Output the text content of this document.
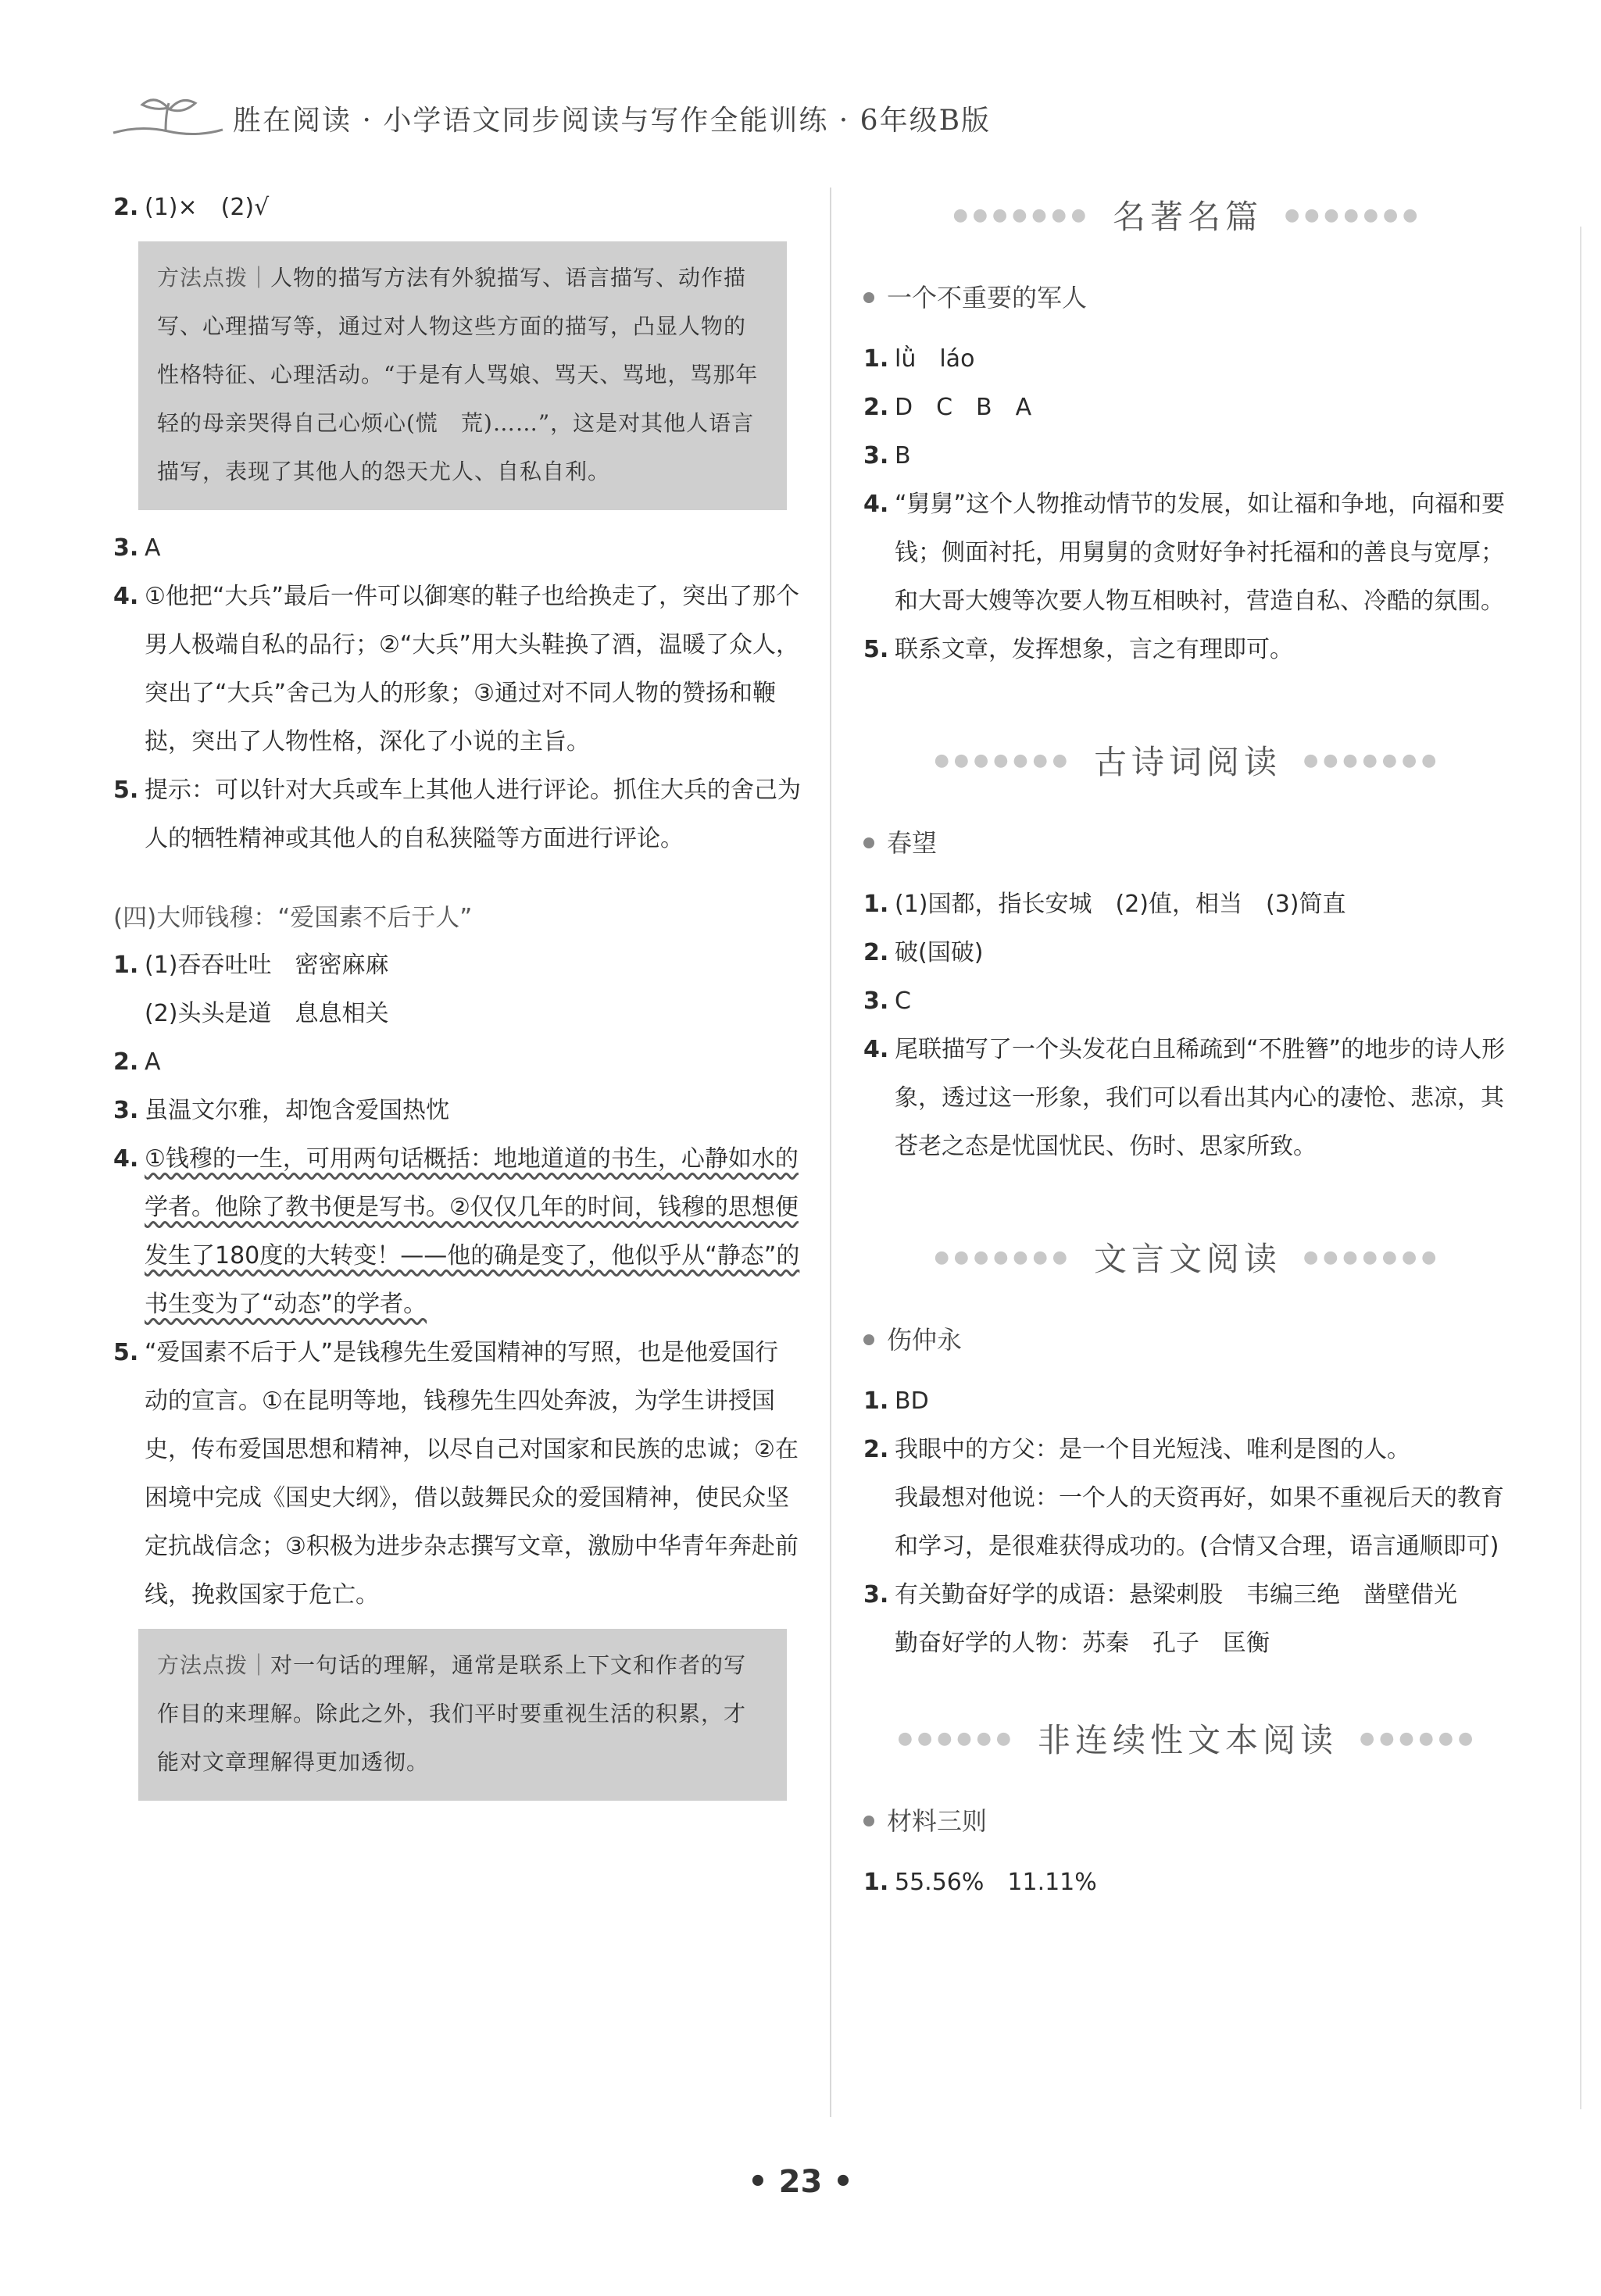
胜在阅读 · 小学语文同步阅读与写作全能训练 · 6年级B版
2. (1)×　(2)√
方法点拨｜人物的描写方法有外貌描写、语言描写、动作描写、心理描写等，通过对人物这些方面的描写，凸显人物的性格特征、心理活动。“于是有人骂娘、骂天、骂地，骂那年轻的母亲哭得自己心烦心(慌　荒)……”，这是对其他人语言描写，表现了其他人的怨天尤人、自私自利。
3. A
4. ①他把“大兵”最后一件可以御寒的鞋子也给换走了，突出了那个男人极端自私的品行；②“大兵”用大头鞋换了酒，温暖了众人，突出了“大兵”舍己为人的形象；③通过对不同人物的赞扬和鞭挞，突出了人物性格，深化了小说的主旨。
5. 提示：可以针对大兵或车上其他人进行评论。抓住大兵的舍己为人的牺牲精神或其他人的自私狭隘等方面进行评论。
(四)大师钱穆：“爱国素不后于人”
1. (1)吞吞吐吐　密密麻麻
(2)头头是道　息息相关
2. A
3. 虽温文尔雅，却饱含爱国热忱
4. ①钱穆的一生，可用两句话概括：地地道道的书生，心静如水的学者。他除了教书便是写书。②仅仅几年的时间，钱穆的思想便发生了180度的大转变！——他的确是变了，他似乎从“静态”的书生变为了“动态”的学者。
5. “爱国素不后于人”是钱穆先生爱国精神的写照，也是他爱国行动的宣言。①在昆明等地，钱穆先生四处奔波，为学生讲授国史，传布爱国思想和精神，以尽自己对国家和民族的忠诚；②在困境中完成《国史大纲》，借以鼓舞民众的爱国精神，使民众坚定抗战信念；③积极为进步杂志撰写文章，激励中华青年奔赴前线，挽救国家于危亡。
方法点拨｜对一句话的理解，通常是联系上下文和作者的写作目的来理解。除此之外，我们平时要重视生活的积累，才能对文章理解得更加透彻。
●●●●●●● 名著名篇 ●●●●●●●
一个不重要的军人
1. lǜ　láo
2. D　C　B　A
3. B
4. “舅舅”这个人物推动情节的发展，如让福和争地，向福和要钱；侧面衬托，用舅舅的贪财好争衬托福和的善良与宽厚；和大哥大嫂等次要人物互相映衬，营造自私、冷酷的氛围。
5. 联系文章，发挥想象，言之有理即可。
●●●●●●● 古诗词阅读 ●●●●●●●
春望
1. (1)国都，指长安城　(2)值，相当　(3)简直
2. 破(国破)
3. C
4. 尾联描写了一个头发花白且稀疏到“不胜簪”的地步的诗人形象，透过这一形象，我们可以看出其内心的凄怆、悲凉，其苍老之态是忧国忧民、伤时、思家所致。
●●●●●●● 文言文阅读 ●●●●●●●
伤仲永
1. BD
2. 我眼中的方父：是一个目光短浅、唯利是图的人。
我最想对他说：一个人的天资再好，如果不重视后天的教育和学习，是很难获得成功的。(合情又合理，语言通顺即可)
3. 有关勤奋好学的成语：悬梁刺股　韦编三绝　凿壁借光
勤奋好学的人物：苏秦　孔子　匡衡
●●●●●● 非连续性文本阅读 ●●●●●●
材料三则
1. 55.56%　11.11%
• 23 •
